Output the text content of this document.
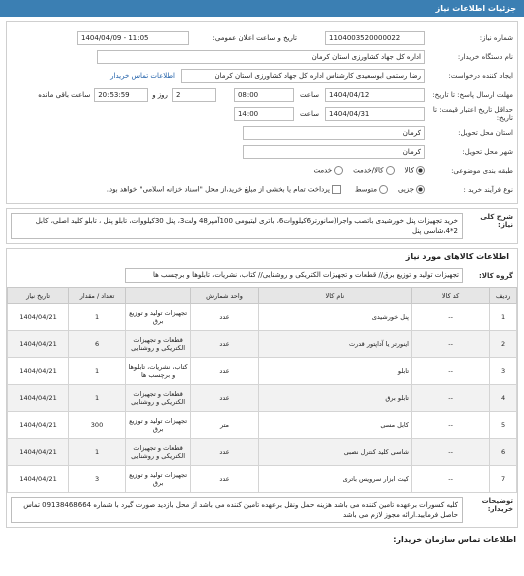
جزئیات اطلاعات نیاز
شماره نیاز:
1104003520000022
تاریخ و ساعت اعلان عمومی:
1404/04/09 - 11:05
نام دستگاه خریدار:
اداره کل جهاد کشاورزی استان کرمان
ایجاد کننده درخواست:
رضا رستمی ابوسعیدی کارشناس اداره کل جهاد کشاورزی استان کرمان
اطلاعات تماس خریدار
مهلت ارسال پاسخ: تا تاریخ:
1404/04/12
ساعت
08:00
2
روز و
20:53:59
ساعت باقی مانده
حداقل تاریخ اعتبار قیمت: تا تاریخ:
1404/04/31
ساعت
14:00
استان محل تحویل:
کرمان
شهر محل تحویل:
کرمان
طبقه بندی موضوعی:
کالا
کالا/خدمت
خدمت
نوع فرآیند خرید :
جزیی
متوسط
پرداخت تمام یا بخشی از مبلغ خرید،از محل "اسناد خزانه اسلامی" خواهد بود.
شرح کلی نیاز:
خرید تجهیزات پنل خورشیدی باتصب واجرا(سانورتر6کیلووات6، باتری لیتیومی 100آمپر48 ولت3، پنل 30کیلووات، تابلو پنل ، تابلو کلید اصلی، کابل 2*4،شاسی پنل
اطلاعات کالاهای مورد نیاز
گروه کالا:
تجهیزات تولید و توزیع برق// قطعات و تجهیزات الکتریکی و روشنایی// کتاب، نشریات، تابلوها و برچسب ها
ردیف	کد کالا	نام کالا	واحد شمارش		تعداد / مقدار	تاریخ نیاز
1	--	پنل خورشیدی	عدد	تجهیزات تولید و توزیع برق	1	1404/04/21
2	--	اینورتر یا آداپتور قدرت	عدد	قطعات و تجهیزات الکتریکی و روشنایی	6	1404/04/21
3	--	تابلو	عدد	کتاب، نشریات، تابلوها و برچسب ها	1	1404/04/21
4	--	تابلو برق	عدد	قطعات و تجهیزات الکتریکی و روشنایی	1	1404/04/21
5	--	کابل مسی	متر	تجهیزات تولید و توزیع برق	300	1404/04/21
6	--	شاسی کلید کنترل نصبی	عدد	قطعات و تجهیزات الکتریکی و روشنایی	1	1404/04/21
7	--	کیت ابزار سرویس باتری	عدد	تجهیزات تولید و توزیع برق	3	1404/04/21
توضیحات خریدار:
کلیه کسورات برعهده تامین کننده می باشد هزینه حمل ونقل برعهده تامین کننده می باشد از محل بازدید صورت گیرد با شماره 09138468664 تماس حاصل فرمایید.ارائه مجوز لازم می باشد
اطلاعات تماس سازمان خریدار:
